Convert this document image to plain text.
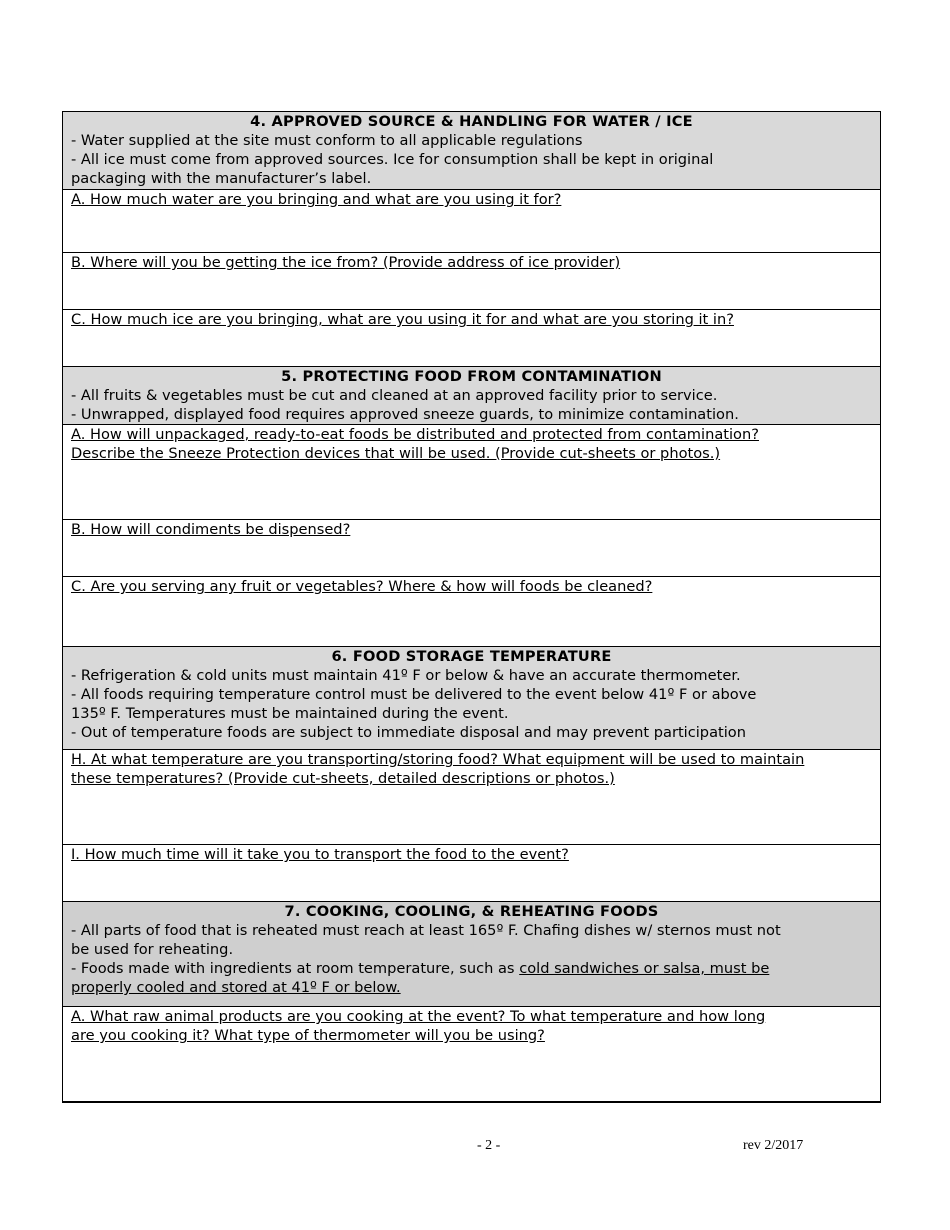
4. APPROVED SOURCE & HANDLING FOR WATER / ICE
- Water supplied at the site must conform to all applicable regulations
- All ice must come from approved sources. Ice for consumption shall be kept in original
packaging with the manufacturer’s label.
A. How much water are you bringing and what are you using it for?
B. Where will you be getting the ice from? (Provide address of ice provider)
C. How much ice are you bringing, what are you using it for and what are you storing it in?
5. PROTECTING FOOD FROM CONTAMINATION
- All fruits & vegetables must be cut and cleaned at an approved facility prior to service.
- Unwrapped, displayed food requires approved sneeze guards, to minimize contamination.
A. How will unpackaged, ready-to-eat foods be distributed and protected from contamination?
Describe the Sneeze Protection devices that will be used. (Provide cut-sheets or photos.)
B. How will condiments be dispensed?
C. Are you serving any fruit or vegetables? Where & how will foods be cleaned?
6. FOOD STORAGE TEMPERATURE
- Refrigeration & cold units must maintain 41º F or below & have an accurate thermometer.
- All foods requiring temperature control must be delivered to the event below 41º F or above
135º F. Temperatures must be maintained during the event.
- Out of temperature foods are subject to immediate disposal and may prevent participation
H. At what temperature are you transporting/storing food? What equipment will be used to maintain
these temperatures? (Provide cut-sheets, detailed descriptions or photos.)
I. How much time will it take you to transport the food to the event?
7. COOKING, COOLING, & REHEATING FOODS
- All parts of food that is reheated must reach at least 165º F. Chafing dishes w/ sternos must not
be used for reheating.
- Foods made with ingredients at room temperature, such as cold sandwiches or salsa, must be
properly cooled and stored at 41º F or below.
A. What raw animal products are you cooking at the event? To what temperature and how long
are you cooking it? What type of thermometer will you be using?
- 2 -	rev 2/2017
